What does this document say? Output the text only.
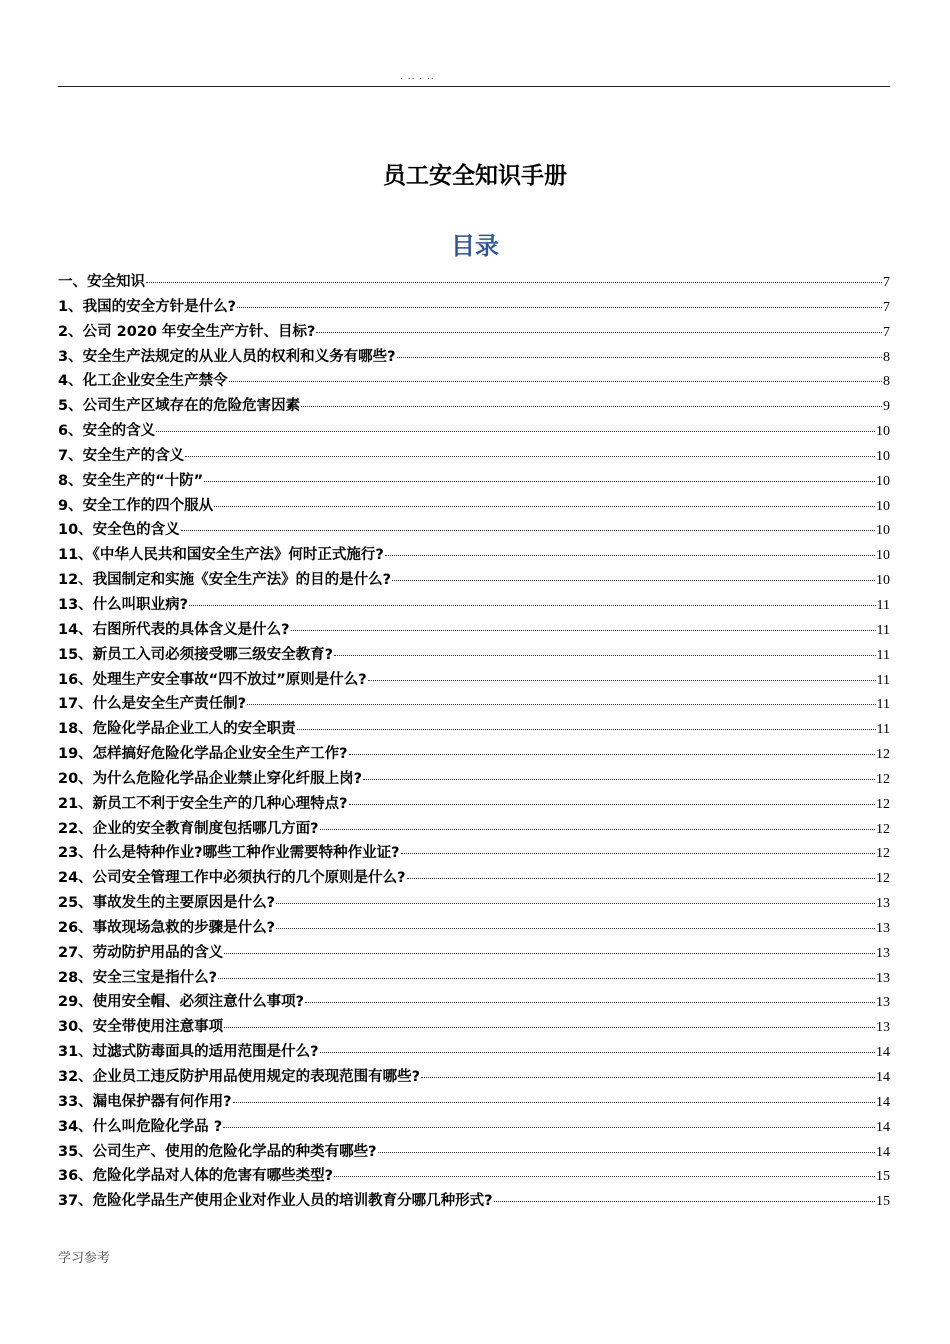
. .. . ..
员工安全知识手册
目录
一、安全知识	7
1、我国的安全方针是什么?	7
2、公司 2020 年安全生产方针、目标?	7
3、安全生产法规定的从业人员的权利和义务有哪些?	8
4、化工企业安全生产禁令	8
5、公司生产区域存在的危险危害因素	9
6、安全的含义	10
7、安全生产的含义	10
8、安全生产的“十防”	10
9、安全工作的四个服从	10
10、安全色的含义	10
11、《中华人民共和国安全生产法》何时正式施行?	10
12、我国制定和实施《安全生产法》的目的是什么?	10
13、什么叫职业病?	11
14、右图所代表的具体含义是什么?	11
15、新员工入司必须接受哪三级安全教育?	11
16、处理生产安全事故“四不放过”原则是什么?	11
17、什么是安全生产责任制?	11
18、危险化学品企业工人的安全职责	11
19、怎样搞好危险化学品企业安全生产工作?	12
20、为什么危险化学品企业禁止穿化纤服上岗?	12
21、新员工不利于安全生产的几种心理特点?	12
22、企业的安全教育制度包括哪几方面?	12
23、什么是特种作业?哪些工种作业需要特种作业证?	12
24、公司安全管理工作中必须执行的几个原则是什么?	12
25、事故发生的主要原因是什么?	13
26、事故现场急救的步骤是什么?	13
27、劳动防护用品的含义	13
28、安全三宝是指什么?	13
29、使用安全帽、必须注意什么事项?	13
30、安全带使用注意事项	13
31、过滤式防毒面具的适用范围是什么?	14
32、企业员工违反防护用品使用规定的表现范围有哪些?	14
33、漏电保护器有何作用?	14
34、什么叫危险化学品 ?	14
35、公司生产、使用的危险化学品的种类有哪些?	14
36、危险化学品对人体的危害有哪些类型?	15
37、危险化学品生产使用企业对作业人员的培训教育分哪几种形式?	15
学习参考
